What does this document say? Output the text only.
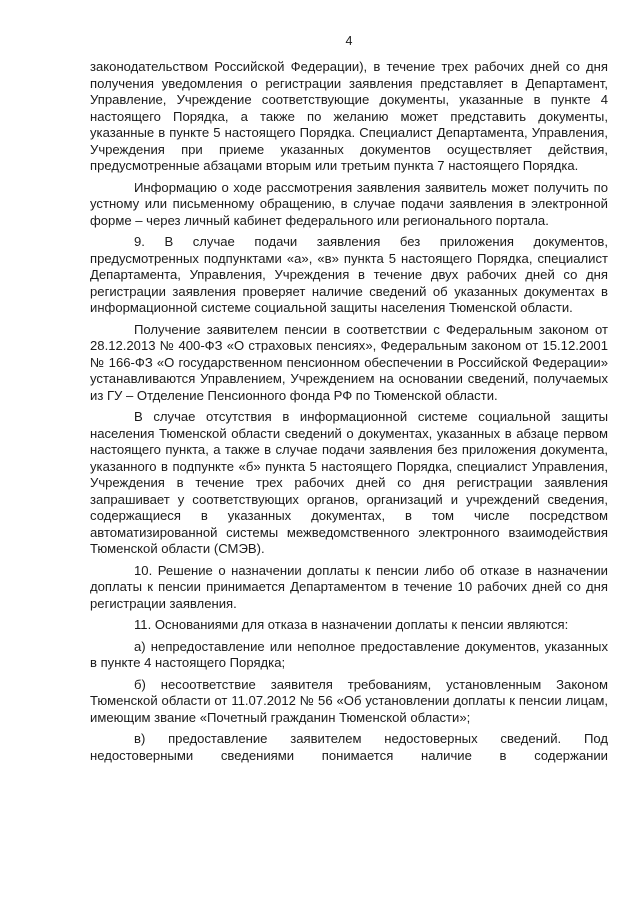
4

законодательством Российской Федерации), в течение трех рабочих дней со дня получения уведомления о регистрации заявления представляет в Департамент, Управление, Учреждение соответствующие документы, указанные в пункте 4 настоящего Порядка, а также по желанию может представить документы, указанные в пункте 5 настоящего Порядка. Специалист Департамента, Управления, Учреждения при приеме указанных документов осуществляет действия, предусмотренные абзацами вторым или третьим пункта 7 настоящего Порядка.

Информацию о ходе рассмотрения заявления заявитель может получить по устному или письменному обращению, в случае подачи заявления в электронной форме – через личный кабинет федерального или регионального портала.

9. В случае подачи заявления без приложения документов, предусмотренных подпунктами «а», «в» пункта 5 настоящего Порядка, специалист Департамента, Управления, Учреждения в течение двух рабочих дней со дня регистрации заявления проверяет наличие сведений об указанных документах в информационной системе социальной защиты населения Тюменской области.

Получение заявителем пенсии в соответствии с Федеральным законом от 28.12.2013 № 400-ФЗ «О страховых пенсиях», Федеральным законом от 15.12.2001 № 166-ФЗ «О государственном пенсионном обеспечении в Российской Федерации» устанавливаются Управлением, Учреждением на основании сведений, получаемых из ГУ – Отделение Пенсионного фонда РФ по Тюменской области.

В случае отсутствия в информационной системе социальной защиты населения Тюменской области сведений о документах, указанных в абзаце первом настоящего пункта, а также в случае подачи заявления без приложения документа, указанного в подпункте «б» пункта 5 настоящего Порядка, специалист Управления, Учреждения в течение трех рабочих дней со дня регистрации заявления запрашивает у соответствующих органов, организаций и учреждений сведения, содержащиеся в указанных документах, в том числе посредством автоматизированной системы межведомственного электронного взаимодействия Тюменской области (СМЭВ).

10. Решение о назначении доплаты к пенсии либо об отказе в назначении доплаты к пенсии принимается Департаментом в течение 10 рабочих дней со дня регистрации заявления.

11. Основаниями для отказа в назначении доплаты к пенсии являются:

а) непредоставление или неполное предоставление документов, указанных в пункте 4 настоящего Порядка;

б) несоответствие заявителя требованиям, установленным Законом Тюменской области от 11.07.2012 № 56 «Об установлении доплаты к пенсии лицам, имеющим звание «Почетный гражданин Тюменской области»;

в) предоставление заявителем недостоверных сведений. Под недостоверными сведениями понимается наличие в содержании
